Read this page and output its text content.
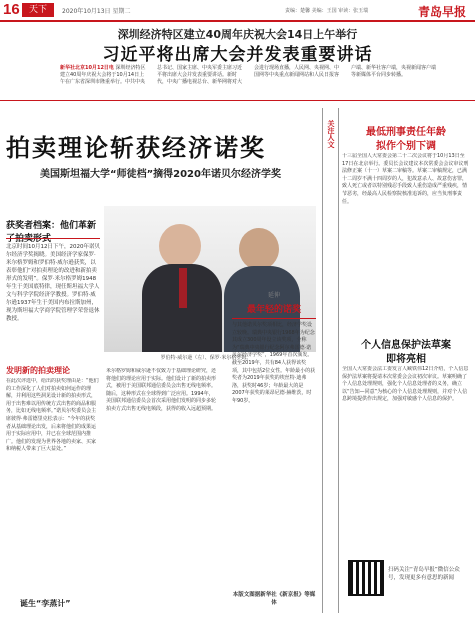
16	天下	2020年10月13日 星期二	责编：楚馨 美编：王国 审读：张玉瑞	青岛早报
深圳经济特区建立40周年庆祝大会14日上午举行
习近平将出席大会并发表重要讲话
新华社北京10月12日电 深圳经济特区建立40周年庆祝大会将于10月14日上午在广东省深圳市隆重举行。中共中央总书记、国家主席、中央军委主席习近平将出席大会并发表重要讲话。新时代，中央广播电视总台、新华网将对大会进行现场直播，人民网、央视网、中国网等中央重点新闻网站和人民日报客户端、新华社客户端，央视新闻客户端等新媒体平台同步转播。
拍卖理论斩获经济诺奖
美国斯坦福大学“师徒档”摘得2020年诺贝尔经济学奖
获奖者档案：他们革新了拍卖形式
北京时间10月12日下午，2020年诺贝尔经济学奖揭晓。美国经济学家保罗·米尔格罗姆和罗伯特·威尔逊获奖，以表彰他们“对拍卖理论的改进和新拍卖形式的发明”。保罗·米尔格罗姆1948年生于美国底特律，现任斯坦福大学人文与科学学院经济学教授。罗伯特·威尔逊1937年生于美国内布拉斯加州，现为斯坦福大学商学院管理学荣誉退休教授。
罗伯特·威尔逊（左）、保罗·米尔格罗姆。
发明新的拍卖理论
在此次评选中，给出的获奖理由是：“他们的工作深化了人们对拍卖如何运作的理解，并利用这些洞见设计新的拍卖形式，用于出售难以用传统方式出售的商品和服务，比如无线电频率。”诺贝尔奖委员会主席彼得·弗雷德里克松表示：“今年的获奖者从基础理论出发，后来将他们的成果运用于实际应用中，并已在全球范围内推广。他们的发现为世界各地的卖家、买家和纳税人带来了巨大益处。”
诞生“孪蒸计”
米尔格罗姆和威尔逊不仅致力于基础理论研究，还将他们的理论应用于实际。他们设计了新的拍卖形式，被用于美国联邦通信委员会出售无线电频率。随后，这种形式在全球得到广泛应用。1994年，美国联邦通信委员会首次采用他们发明的同步多轮拍卖方式出售无线电频段，获得的收入远超预期。
延伸
最年轻的诺奖
与其他诺贝尔奖项相比，经济学奖设立较晚。瑞典中央银行1968年为纪念其成立300周年设立该奖项，全称为“瑞典中央银行纪念阿尔弗雷德·诺贝尔经济学奖”，1969年首次颁发。截至2019年，共有84人获得该奖项，其中包括2位女性。年龄最小的获奖者为2019年获奖的埃丝特·迪弗洛，获奖时46岁；年龄最大的是2007年获奖的莱昂尼德·赫维茨，时年90岁。
本版文图据新华社《新京报》等媒体
关注人文	最低刑事责任年龄
拟作个别下调
十三届全国人大常委会第二十二次会议将于10月13日至17日在北京举行。委员长会议建议本次常委会会议审议刑法修正案（十一）草案二审稿等。草案二审稿规定，已满十二周岁不满十四周岁的人，犯故意杀人、故意伤害罪，致人死亡或者以特别残忍手段致人重伤造成严重残疾，情节恶劣，经最高人民检察院核准追诉的，应当负刑事责任。
个人信息保护法草案
即将亮相
全国人大常委会法工委发言人臧铁伟12日介绍，个人信息保护法草案将提请本次常委会会议初次审议。草案明确了个人信息处理规则，强化个人信息处理者的义务，确立以“告知—同意”为核心的个人信息处理规则，并对个人信息跨境提供作出规定，加强对敏感个人信息的保护。
扫码关注“青岛早报”微信公众号，发现更多有意思的新闻
